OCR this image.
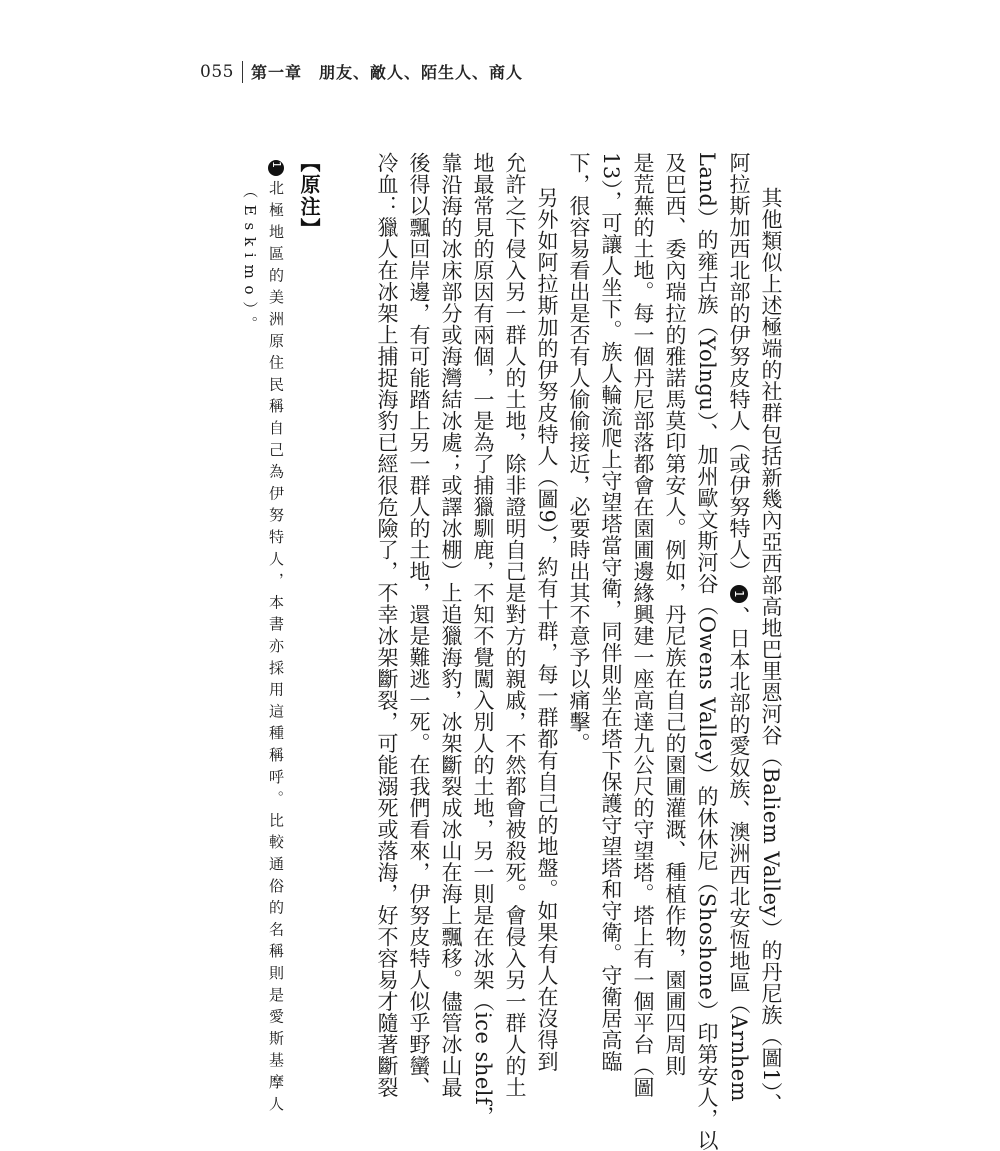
055 第一章　朋友、敵人、陌生人、商人
其他類似上述極端的社群包括新幾內亞西部高地巴里恩河谷（Baliem Valley）的丹尼族（圖1）、
阿拉斯加西北部的伊努皮特人（或伊努特人）1、日本北部的愛奴族、澳洲西北安恆地區（Arnhem
Land）的雍古族（Yolngu）、加州歐文斯河谷（Owens Valley）的休休尼（Shoshone）印第安人，以
及巴西、委內瑞拉的雅諾馬莫印第安人。例如，丹尼族在自己的園圃灌溉、種植作物，園圃四周則
是荒蕪的土地。每一個丹尼部落都會在園圃邊緣興建一座高達九公尺的守望塔。塔上有一個平台（圖
13），可讓人坐下。族人輪流爬上守望塔當守衛，同伴則坐在塔下保護守望塔和守衛。守衛居高臨
下，很容易看出是否有人偷偷接近，必要時出其不意予以痛擊。
另外如阿拉斯加的伊努皮特人（圖9），約有十群，每一群都有自己的地盤。如果有人在沒得到
允許之下侵入另一群人的土地，除非證明自己是對方的親戚，不然都會被殺死。會侵入另一群人的土
地最常見的原因有兩個，一是為了捕獵馴鹿，不知不覺闖入別人的土地，另一則是在冰架（ice shelf，
靠沿海的冰床部分或海灣結冰處；或譯冰棚）上追獵海豹，冰架斷裂成冰山在海上飄移。儘管冰山最
後得以飄回岸邊，有可能踏上另一群人的土地，還是難逃一死。在我們看來，伊努皮特人似乎野蠻、
冷血：獵人在冰架上捕捉海豹已經很危險了，不幸冰架斷裂，可能溺死或落海，好不容易才隨著斷裂
【原注】
1北極地區的美洲原住民稱自己為伊努特人，本書亦採用這種稱呼。比較通俗的名稱則是愛斯基摩人
（Eskimo）。
